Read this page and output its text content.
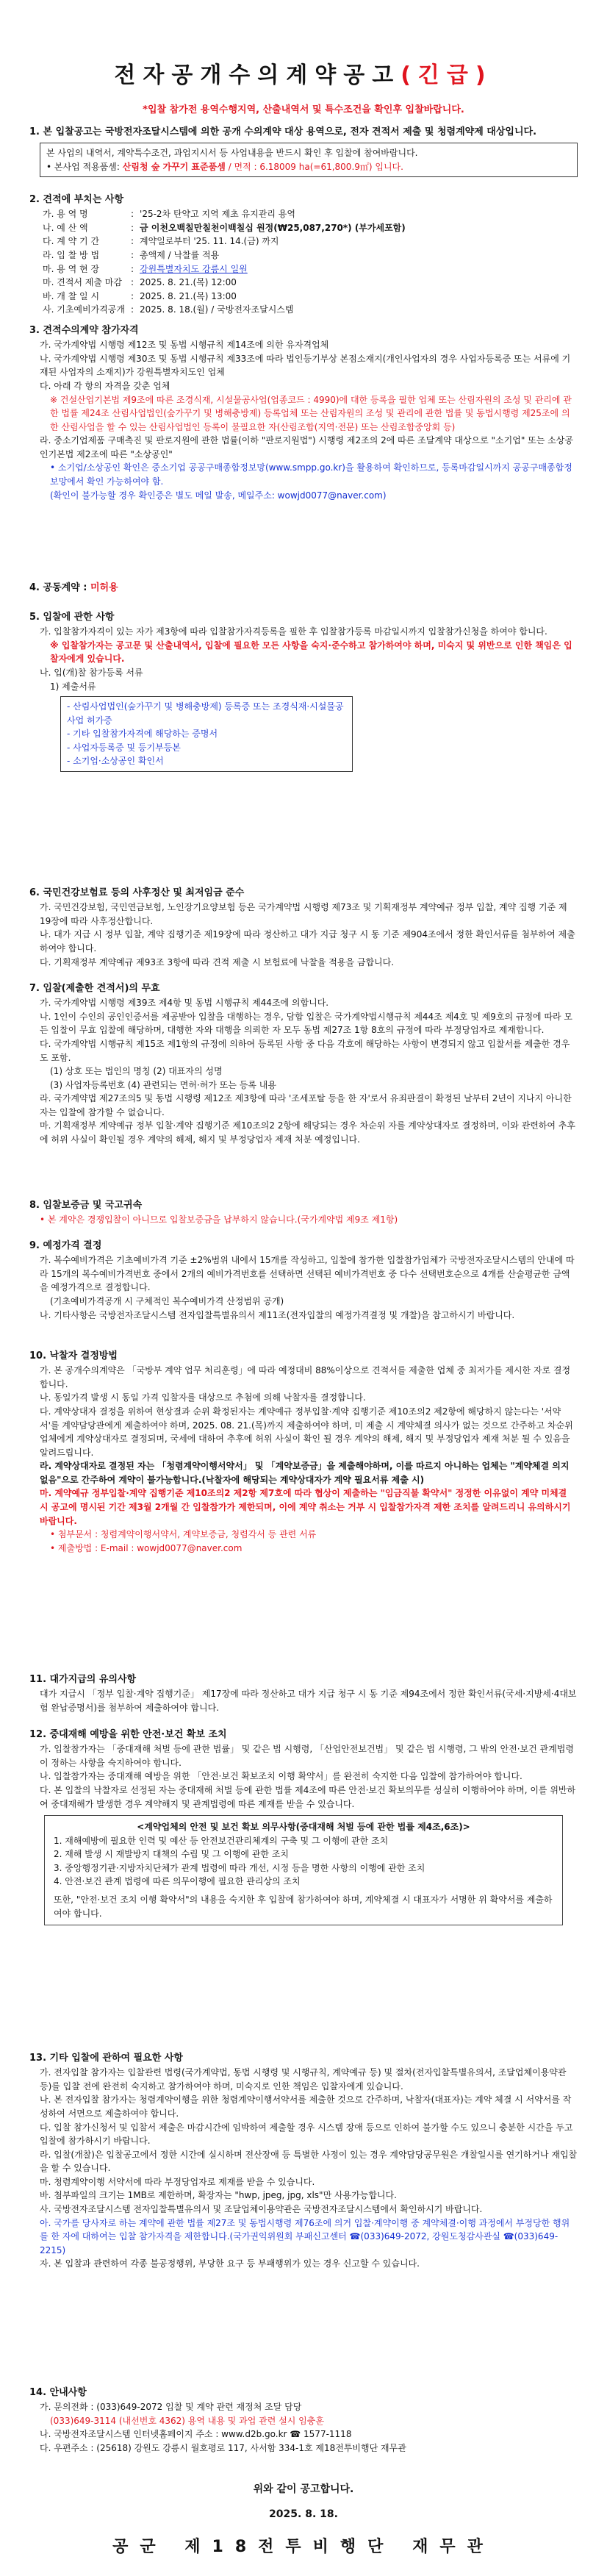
전자공개수의계약공고(긴급)
*입찰 참가전 용역수행지역, 산출내역서 및 특수조건을 확인후 입찰바랍니다.

1. 본 입찰공고는 국방전자조달시스템에 의한 공개 수의계약 대상 용역으로, 전자 견적서 제출 및 청렴계약제 대상입니다.

본 사업의 내역서, 계약특수조건, 과업지시서 등 사업내용을 반드시 확인 후 입찰에 참여바랍니다.
• 본사업 적용품셈: 산림청 숲 가꾸기 표준품셈 / 면적 : 6.18009 ha(=61,800.9㎡) 입니다.

2. 견적에 부치는 사항

가. 용 역 명	:	'25-2차 탄약고 지역 제초 유지관리 용역
나. 예 산 액	:	금 이천오백칠만칠천이백칠십 원정(₩25,087,270*) (부가세포함)
다. 계 약 기 간	:	계약일로부터 '25. 11. 14.(금) 까지
라. 입 찰 방 법	:	총액제 / 낙찰률 적용
마. 용 역 현 장	:	강원특별자치도 강릉시 일원
마. 견적서 제출 마감	:	2025. 8. 21.(목) 12:00
바. 개 찰 일 시	:	2025. 8. 21.(목) 13:00
사. 기초예비가격공개	:	2025. 8. 18.(월) / 국방전자조달시스템

3. 견적수의계약 참가자격

가. 국가계약법 시행령 제12조 및 동법 시행규칙 제14조에 의한 유자격업체

나. 국가계약법 시행령 제30조 및 동법 시행규칙 제33조에 따라 법인등기부상 본점소재지(개인사업자의 경우 사업자등록증 또는 서류에 기재된 사업자의 소재지)가 강원특별자치도인 업체

다. 아래 각 항의 자격을 갖춘 업체

※ 건설산업기본법 제9조에 따른 조경식재, 시설물공사업(업종코드 : 4990)에 대한 등록을 필한 업체 또는 산림자원의 조성 및 관리에 관한 법률 제24조 산림사업법인(숲가꾸기 및 병해충방제) 등록업체 또는 산림자원의 조성 및 관리에 관한 법률 및 동법시행령 제25조에 의한 산림사업을 할 수 있는 산림사업법인 등록이 불필요한 자(산림조합(지역·전문) 또는 산림조합중앙회 등)

라. 중소기업제품 구매촉진 및 판로지원에 관한 법률(이하 "판로지원법") 시행령 제2조의 2에 따른 조달계약 대상으로 "소기업" 또는 소상공인기본법 제2조에 따른 "소상공인"

• 소기업/소상공인 확인은 중소기업 공공구매종합정보망(www.smpp.go.kr)을 활용하여 확인하므로, 등록마감일시까지 공공구매종합정보망에서 확인 가능하여야 함.

(확인이 불가능할 경우 확인증은 별도 메일 발송, 메일주소: wowjd0077@naver.com)

4. 공동계약 : 미허용

5. 입찰에 관한 사항

가. 입찰참가자격이 있는 자가 제3항에 따라 입찰참가자격등록을 필한 후 입찰참가등록 마감일시까지 입찰참가신청을 하여야 합니다.

※ 입찰참가자는 공고문 및 산출내역서, 입찰에 필요한 모든 사항을 숙지·준수하고 참가하여야 하며, 미숙지 및 위반으로 인한 책임은 입찰자에게 있습니다.

나. 입(개)찰 참가등록 서류

1) 제출서류

- 산림사업법인(숲가꾸기 및 병해충방제) 등록증 또는 조경식재·시설물공사업 허가증
- 기타 입찰참가자격에 해당하는 증명서
- 사업자등록증 및 등기부등본
- 소기업·소상공인 확인서

6. 국민건강보험료 등의 사후정산 및 최저임금 준수

가. 국민건강보험, 국민연금보험, 노인장기요양보험 등은 국가계약법 시행령 제73조 및 기획재정부 계약예규 정부 입찰, 계약 집행 기준 제19장에 따라 사후정산합니다.

나. 대가 지급 시 정부 입찰, 계약 집행기준 제19장에 따라 정산하고 대가 지급 청구 시 동 기준 제904조에서 정한 확인서류를 첨부하여 제출하여야 합니다.

다. 기획재정부 계약예규 제93조 3항에 따라 견적 제출 시 보험료에 낙찰율 적용을 금합니다.

7. 입찰(제출한 견적서)의 무효

가. 국가계약법 시행령 제39조 제4항 및 동법 시행규칙 제44조에 의합니다.

나. 1인이 수인의 공인인증서를 제공받아 입찰을 대행하는 경우, 담합 입찰은 국가계약법시행규칙 제44조 제4호 및 제9호의 규정에 따라 모든 입찰이 무효 입찰에 해당하며, 대행한 자와 대행을 의뢰한 자 모두 동법 제27조 1항 8호의 규정에 따라 부정당업자로 제재합니다.

다. 국가계약법 시행규칙 제15조 제1항의 규정에 의하여 등록된 사항 중 다음 각호에 해당하는 사항이 변경되지 않고 입찰서를 제출한 경우도 포함.

(1) 상호 또는 법인의 명칭 (2) 대표자의 성명

(3) 사업자등록번호 (4) 관련되는 면허·허가 또는 등록 내용

라. 국가계약법 제27조의5 및 동법 시행령 제12조 제3항에 따라 '조세포탈 등을 한 자'로서 유죄판결이 확정된 날부터 2년이 지나지 아니한 자는 입찰에 참가할 수 없습니다.

마. 기획재정부 계약예규 정부 입찰·계약 집행기준 제10조의2 2항에 해당되는 경우 차순위 자를 계약상대자로 결정하며, 이와 관련하여 추후에 허위 사실이 확인될 경우 계약의 해제, 해지 및 부정당업자 제재 처분 예정입니다.

8. 입찰보증금 및 국고귀속

• 본 계약은 경쟁입찰이 아니므로 입찰보증금을 납부하지 않습니다.(국가계약법 제9조 제1항)

9. 예정가격 결정

가. 복수예비가격은 기초예비가격 기준 ±2%범위 내에서 15개를 작성하고, 입찰에 참가한 입찰참가업체가 국방전자조달시스템의 안내에 따라 15개의 복수예비가격번호 중에서 2개의 예비가격번호를 선택하면 선택된 예비가격번호 중 다수 선택번호순으로 4개를 산술평균한 금액을 예정가격으로 결정합니다.

(기초예비가격공개 시 구체적인 복수예비가격 산정범위 공개)

나. 기타사항은 국방전자조달시스템 전자입찰특별유의서 제11조(전자입찰의 예정가격결정 및 개찰)을 참고하시기 바랍니다.

10. 낙찰자 결정방법

가. 본 공개수의계약은 「국방부 계약 업무 처리훈령」에 따라 예정대비 88%이상으로 견적서를 제출한 업체 중 최저가를 제시한 자로 결정합니다.

나. 동일가격 발생 시 동일 가격 입찰자를 대상으로 추첨에 의해 낙찰자를 결정합니다.

다. 계약상대자 결정을 위하여 현상결과 순위 확정된자는 계약예규 정부입찰·계약 집행기준 제10조의2 제2항에 해당하지 않는다는 '서약서'를 계약담당관에게 제출하여야 하며, 2025. 08. 21.(목)까지 제출하여야 하며, 미 제출 시 계약체결 의사가 없는 것으로 간주하고 차순위 업체에게 계약상대자로 결정되며, 국세에 대하여 추후에 허위 사실이 확인 될 경우 계약의 해제, 해지 및 부정당업자 제재 처분 될 수 있음을 알려드립니다.

라. 계약상대자로 결정된 자는 「청렴계약이행서약서」 및 「계약보증금」을 제출해야하며, 이를 따르지 아니하는 업체는 "계약체결 의지 없음"으로 간주하여 계약이 불가능합니다.(낙찰자에 해당되는 계약상대자가 계약 필요서류 제출 시)

마. 계약예규 정부입찰·계약 집행기준 제10조의2 제2항 제7호에 따라 협상이 제출하는 "임금직불 확약서" 정정한 이유없이 계약 미체결 시 공고에 명시된 기간 제3월 2개월 간 입찰참가가 제한되며, 이에 계약 취소는 거부 시 입찰참가자격 제한 조치를 알려드리니 유의하시기 바랍니다.

• 첨부문서 : 청렴계약이행서약서, 계약보증금, 청렴각서 등 관련 서류

• 제출방법 : E-mail : wowjd0077@naver.com

11. 대가지급의 유의사항

대가 지급시 「정부 입찰·계약 집행기준」 제17장에 따라 정산하고 대가 지급 청구 시 동 기준 제94조에서 정한 확인서류(국세·지방세·4대보험 완납증명서)를 첨부하여 제출하여야 합니다.

12. 중대재해 예방을 위한 안전·보건 확보 조치

가. 입찰참가자는 「중대재해 처벌 등에 관한 법률」 및 같은 법 시행령, 「산업안전보건법」 및 같은 법 시행령, 그 밖의 안전·보건 관계법령이 정하는 사항을 숙지하여야 합니다.

나. 입찰참가자는 중대재해 예방을 위한 「안전·보건 확보조치 이행 확약서」를 완전히 숙지한 다음 입찰에 참가하여야 합니다.

다. 본 입찰의 낙찰자로 선정된 자는 중대재해 처벌 등에 관한 법률 제4조에 따른 안전·보건 확보의무를 성실히 이행하여야 하며, 이를 위반하여 중대재해가 발생한 경우 계약해지 및 관계법령에 따른 제재를 받을 수 있습니다.

<계약업체의 안전 및 보건 확보 의무사항(중대재해 처벌 등에 관한 법률 제4조,6조)>
1. 재해예방에 필요한 인력 및 예산 등 안전보건관리체계의 구축 및 그 이행에 관한 조치
2. 재해 발생 시 재발방지 대책의 수립 및 그 이행에 관한 조치
3. 중앙행정기관·지방자치단체가 관계 법령에 따라 개선, 시정 등을 명한 사항의 이행에 관한 조치
4. 안전·보건 관계 법령에 따른 의무이행에 필요한 관리상의 조치
또한, "안전·보건 조치 이행 확약서"의 내용을 숙지한 후 입찰에 참가하여야 하며, 계약체결 시 대표자가 서명한 위 확약서를 제출하여야 합니다.

13. 기타 입찰에 관하여 필요한 사항

가. 전자입찰 참가자는 입찰관련 법령(국가계약법, 동법 시행령 및 시행규칙, 계약예규 등) 및 절차(전자입찰특별유의서, 조달업체이용약관 등)를 입찰 전에 완전히 숙지하고 참가하여야 하며, 미숙지로 인한 책임은 입찰자에게 있습니다.

나. 본 전자입찰 참가자는 청렴계약이행을 위한 청렴계약이행서약서를 제출한 것으로 간주하며, 낙찰자(대표자)는 계약 체결 시 서약서를 작성하여 서면으로 제출하여야 합니다.

다. 입찰 참가신청서 및 입찰서 제출은 마감시간에 임박하여 제출할 경우 시스템 장애 등으로 인하여 불가할 수도 있으니 충분한 시간을 두고 입찰에 참가하시기 바랍니다.

라. 입찰(개찰)은 입찰공고에서 정한 시간에 실시하며 전산장애 등 특별한 사정이 있는 경우 계약담당공무원은 개찰일시를 연기하거나 재입찰을 할 수 있습니다.

마. 청렴계약이행 서약서에 따라 부정당업자로 제재를 받을 수 있습니다.

바. 첨부파일의 크기는 1MB로 제한하며, 확장자는 "hwp, jpeg, jpg, xls"만 사용가능합니다.

사. 국방전자조달시스템 전자입찰특별유의서 및 조달업체이용약관은 국방전자조달시스템에서 확인하시기 바랍니다.

아. 국가를 당사자로 하는 계약에 관한 법률 제27조 및 동법시행령 제76조에 의거 입찰·계약이행 중 계약체결·이행 과정에서 부정당한 행위를 한 자에 대하여는 입찰 참가자격을 제한합니다.(국가권익위원회 부패신고센터 ☎(033)649-2072, 강원도청감사관실 ☎(033)649-2215)

자. 본 입찰과 관련하여 각종 불공정행위, 부당한 요구 등 부패행위가 있는 경우 신고할 수 있습니다.

14. 안내사항

가. 문의전화 : (033)649-2072 입찰 및 계약 관련 재정처 조달 담당

(033)649-3114 (내선번호 4362) 용역 내용 및 과업 관련 설시 임충훈

나. 국방전자조달시스템 인터넷홈페이지 주소 : www.d2b.go.kr ☎ 1577-1118

다. 우편주소 : (25618) 강원도 강릉시 월호평로 117, 사서함 334-1호 제18전투비행단 재무관

위와 같이 공고합니다.
2025. 8. 18.
공군 제18전투비행단 재무관
